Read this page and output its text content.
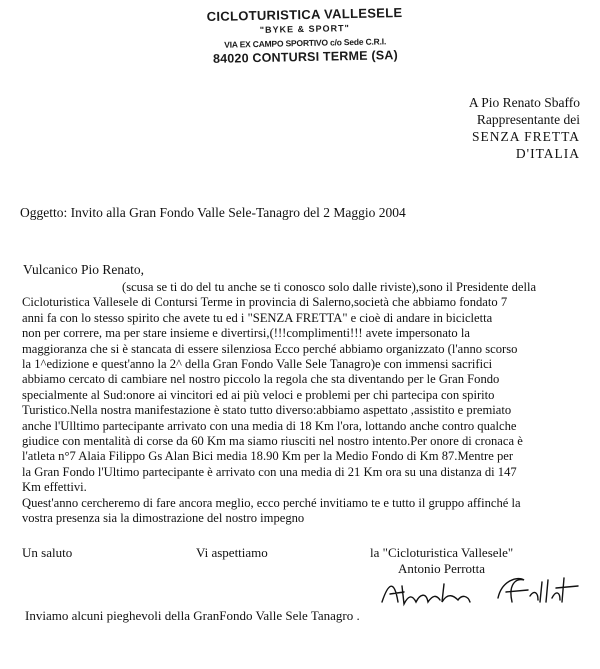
CICLOTURISTICA VALLESELE
"BYKE & SPORT"
VIA EX CAMPO SPORTIVO c/o Sede C.R.I.
84020 CONTURSI TERME (SA)
A Pio Renato Sbaffo
Rappresentante dei
SENZA FRETTA
D'ITALIA
Oggetto: Invito alla Gran Fondo Valle Sele-Tanagro del 2 Maggio 2004
Vulcanico Pio Renato,
(scusa se ti do del tu anche se ti conosco solo dalle riviste),sono il Presidente della
Cicloturistica Vallesele di Contursi Terme in provincia di Salerno,società che abbiamo fondato 7
anni fa con lo stesso spirito che avete tu ed i "SENZA FRETTA" e cioè di andare in bicicletta
non per correre, ma per stare insieme e divertirsi,(!!!complimenti!!! avete impersonato la
maggioranza che si è stancata di essere silenziosa Ecco perché abbiamo organizzato (l'anno scorso
la 1^edizione e quest'anno la 2^ della Gran Fondo Valle Sele Tanagro)e con immensi sacrifici
abbiamo cercato di cambiare nel nostro piccolo la regola che sta diventando per le Gran Fondo
specialmente al Sud:onore ai vincitori ed ai più veloci e problemi per chi partecipa con spirito
Turistico.Nella nostra manifestazione è stato tutto diverso:abbiamo aspettato ,assistito e premiato
anche l'Ulltimo partecipante arrivato con una media di 18 Km l'ora, lottando anche contro qualche
giudice con mentalità di corse da 60 Km ma siamo riusciti nel nostro intento.Per onore di cronaca è
l'atleta n°7 Alaia Filippo Gs Alan Bici media 18.90 Km per la Medio Fondo di Km 87.Mentre per
la Gran Fondo l'Ultimo partecipante è arrivato con una media di 21 Km ora su una distanza di 147
Km effettivi.
Quest'anno cercheremo di fare ancora meglio, ecco perché invitiamo te e tutto il gruppo affinché la
vostra presenza sia la dimostrazione del nostro impegno
Un saluto	Vi aspettiamo	la "Cicloturistica Vallesele"
Antonio Perrotta
Inviamo alcuni pieghevoli della GranFondo Valle Sele Tanagro .
